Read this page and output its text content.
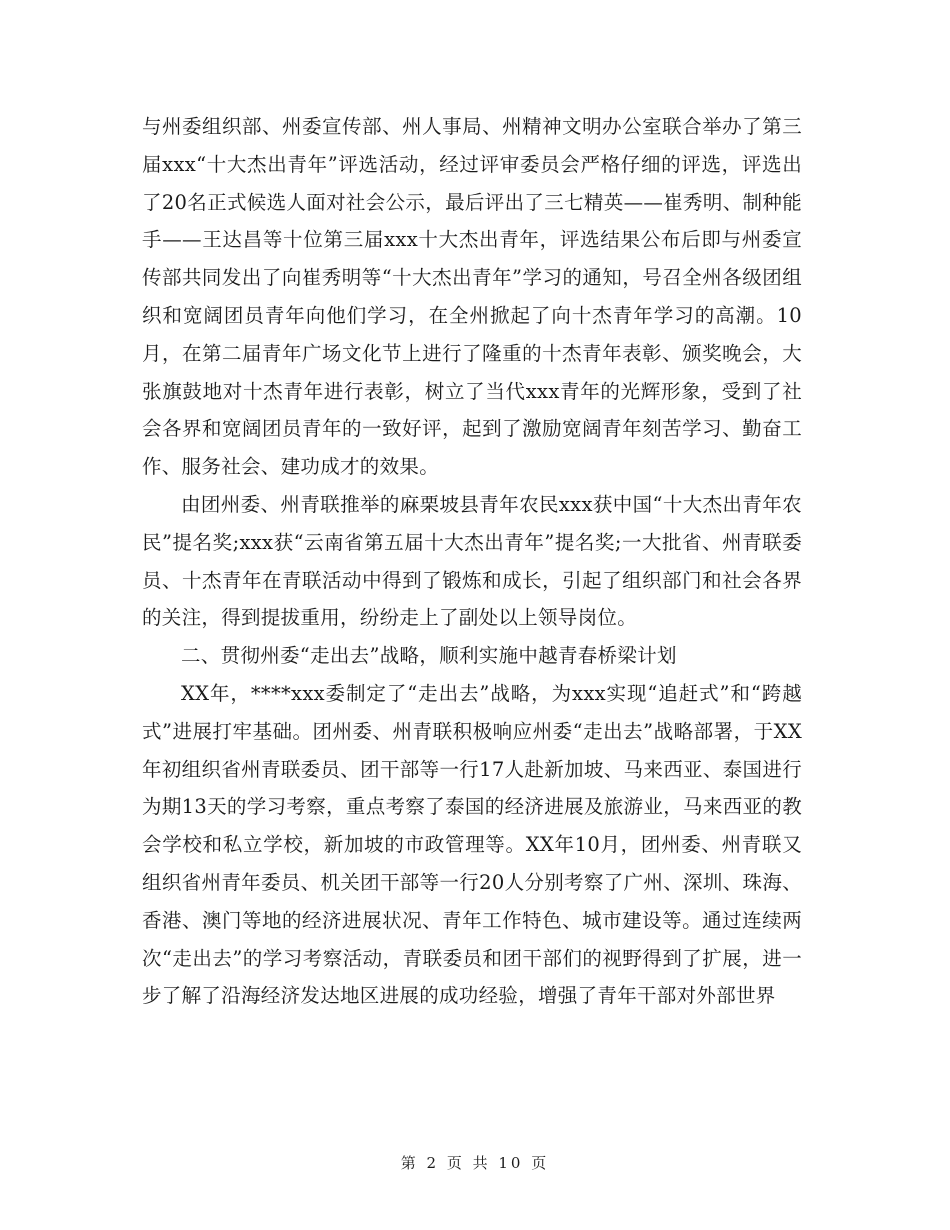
与州委组织部、州委宣传部、州人事局、州精神文明办公室联合举办了第三届xxx“十大杰出青年”评选活动，经过评审委员会严格仔细的评选，评选出了20名正式候选人面对社会公示，最后评出了三七精英——崔秀明、制种能手——王达昌等十位第三届xxx十大杰出青年，评选结果公布后即与州委宣传部共同发出了向崔秀明等“十大杰出青年”学习的通知，号召全州各级团组织和宽阔团员青年向他们学习，在全州掀起了向十杰青年学习的高潮。10月，在第二届青年广场文化节上进行了隆重的十杰青年表彰、颁奖晚会，大张旗鼓地对十杰青年进行表彰，树立了当代xxx青年的光辉形象，受到了社会各界和宽阔团员青年的一致好评，起到了激励宽阔青年刻苦学习、勤奋工作、服务社会、建功成才的效果。

由团州委、州青联推举的麻栗坡县青年农民xxx获中国“十大杰出青年农民”提名奖;xxx获“云南省第五届十大杰出青年”提名奖;一大批省、州青联委员、十杰青年在青联活动中得到了锻炼和成长，引起了组织部门和社会各界的关注，得到提拔重用，纷纷走上了副处以上领导岗位。

二、贯彻州委“走出去”战略，顺利实施中越青春桥梁计划

XX年，****xxx委制定了“走出去”战略，为xxx实现“追赶式”和“跨越式”进展打牢基础。团州委、州青联积极响应州委“走出去”战略部署，于XX年初组织省州青联委员、团干部等一行17人赴新加坡、马来西亚、泰国进行为期13天的学习考察，重点考察了泰国的经济进展及旅游业，马来西亚的教会学校和私立学校，新加坡的市政管理等。XX年10月，团州委、州青联又组织省州青年委员、机关团干部等一行20人分别考察了广州、深圳、珠海、香港、澳门等地的经济进展状况、青年工作特色、城市建设等。通过连续两次“走出去”的学习考察活动，青联委员和团干部们的视野得到了扩展，进一步了解了沿海经济发达地区进展的成功经验，增强了青年干部对外部世界

第 2 页 共 10 页
